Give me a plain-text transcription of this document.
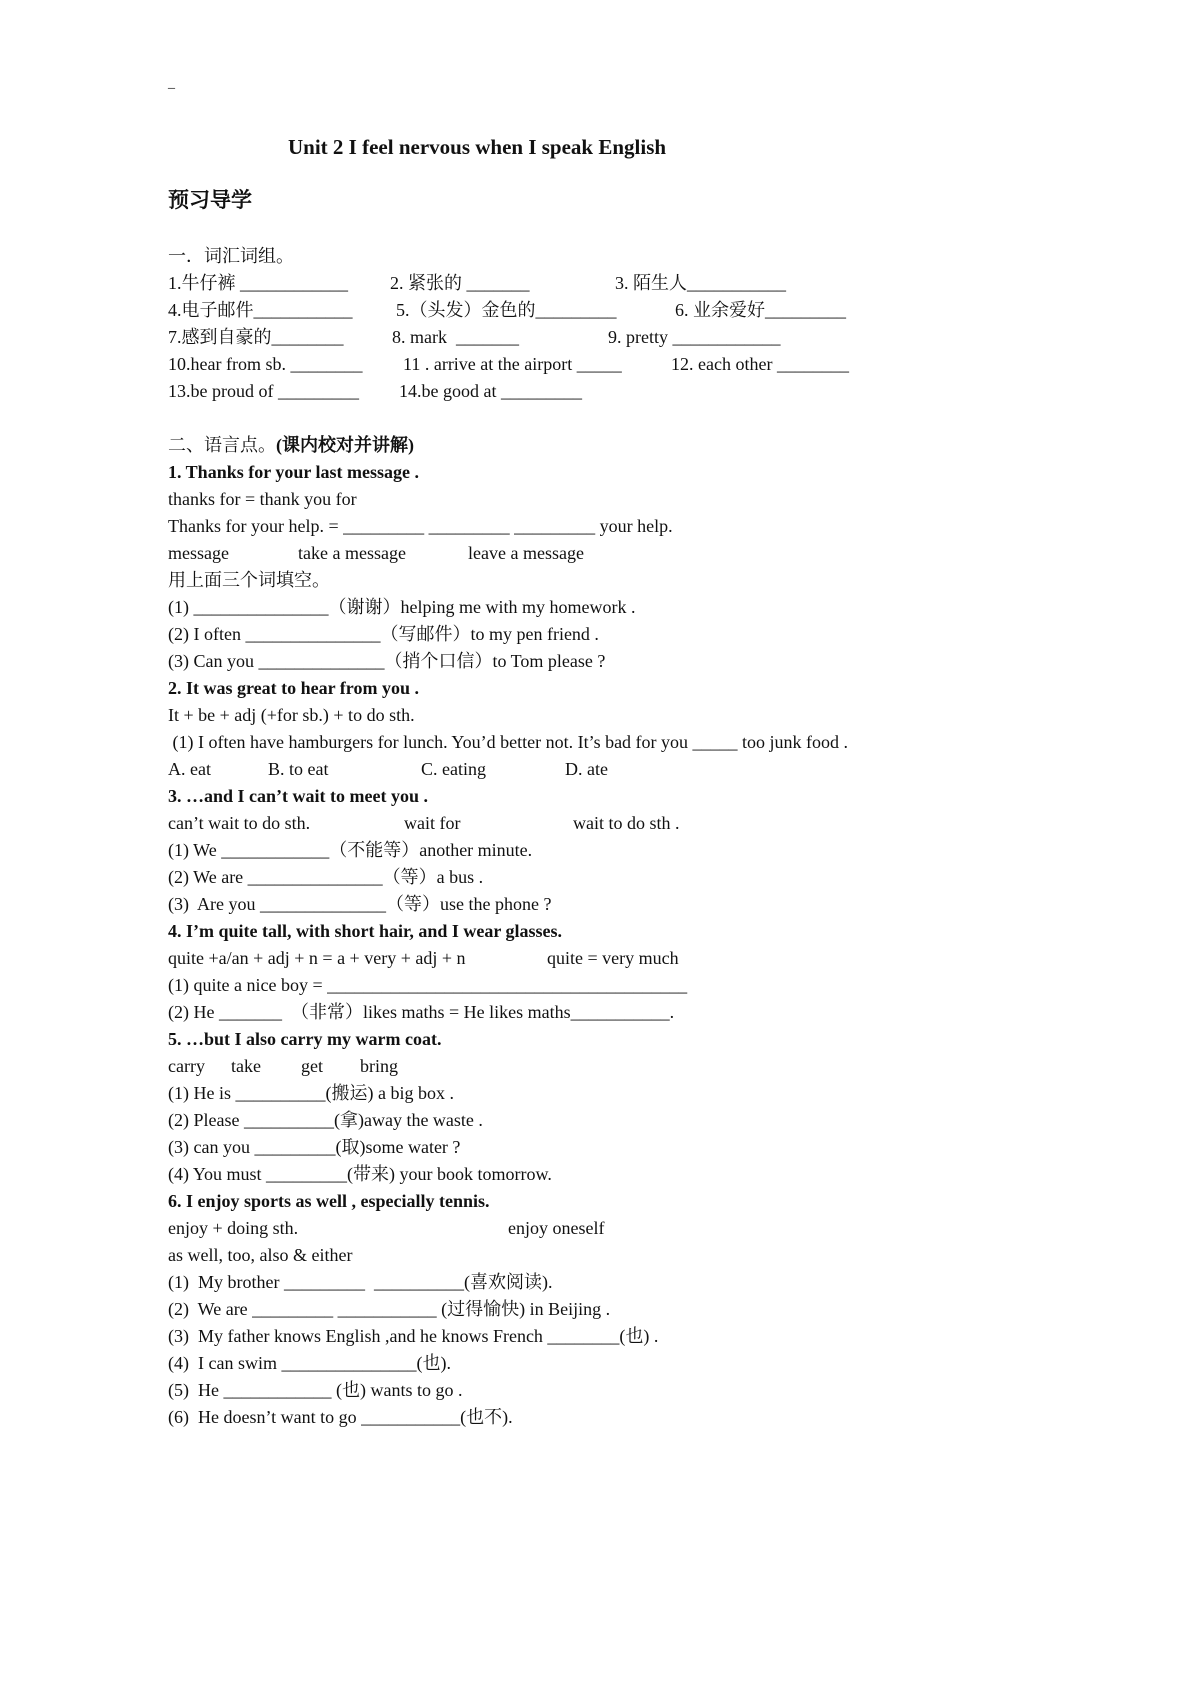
_
Unit 2 I feel nervous when I speak English
预习导学
一．词汇词组。
1.牛仔裤 ____________ 2. 紧张的 _______	3. 陌生人___________
4.电子邮件___________ 5.（头发）金色的_________	6. 业余爱好_________
7.感到自豪的________	8. mark  _______	9. pretty ____________
10.hear from sb. ________ 11 . arrive at the airport _____	12. each other ________
13.be proud of _________ 14.be good at _________
二、语言点。(课内校对并讲解)
1. Thanks for your last message .
thanks for = thank you for
Thanks for your help. = _________ _________ _________ your help.
message	take a message	leave a message
用上面三个词填空。
(1) _______________（谢谢）helping me with my homework .
(2) I often _______________（写邮件）to my pen friend .
(3) Can you ______________（捎个口信）to Tom please ?
2. It was great to hear from you .
It + be + adj (+for sb.) + to do sth.
(1) I often have hamburgers for lunch. You’d better not. It’s bad for you _____ too junk food .
A. eat	B. to eat	C. eating	D. ate
3. …and I can’t wait to meet you .
can’t wait to do sth.	wait for	wait to do sth .
(1) We ____________（不能等）another minute.
(2) We are _______________（等）a bus .
(3)  Are you ______________（等）use the phone ?
4. I’m quite tall, with short hair, and I wear glasses.
quite +a/an + adj + n = a + very + adj + n	quite = very much
(1) quite a nice boy = ________________________________________
(2) He _______  （非常）likes maths = He likes maths___________.
5. …but I also carry my warm coat.
carry take get bring
(1) He is __________(搬运) a big box .
(2) Please __________(拿)away the waste .
(3) can you _________(取)some water ?
(4) You must _________(带来) your book tomorrow.
6. I enjoy sports as well , especially tennis.
enjoy + doing sth.	enjoy oneself
as well, too, also & either
(1)  My brother _________  __________(喜欢阅读).
(2)  We are _________ ___________ (过得愉快) in Beijing .
(3)  My father knows English ,and he knows French ________(也) .
(4)  I can swim _______________(也).
(5)  He ____________ (也) wants to go .
(6)  He doesn’t want to go ___________(也不).
